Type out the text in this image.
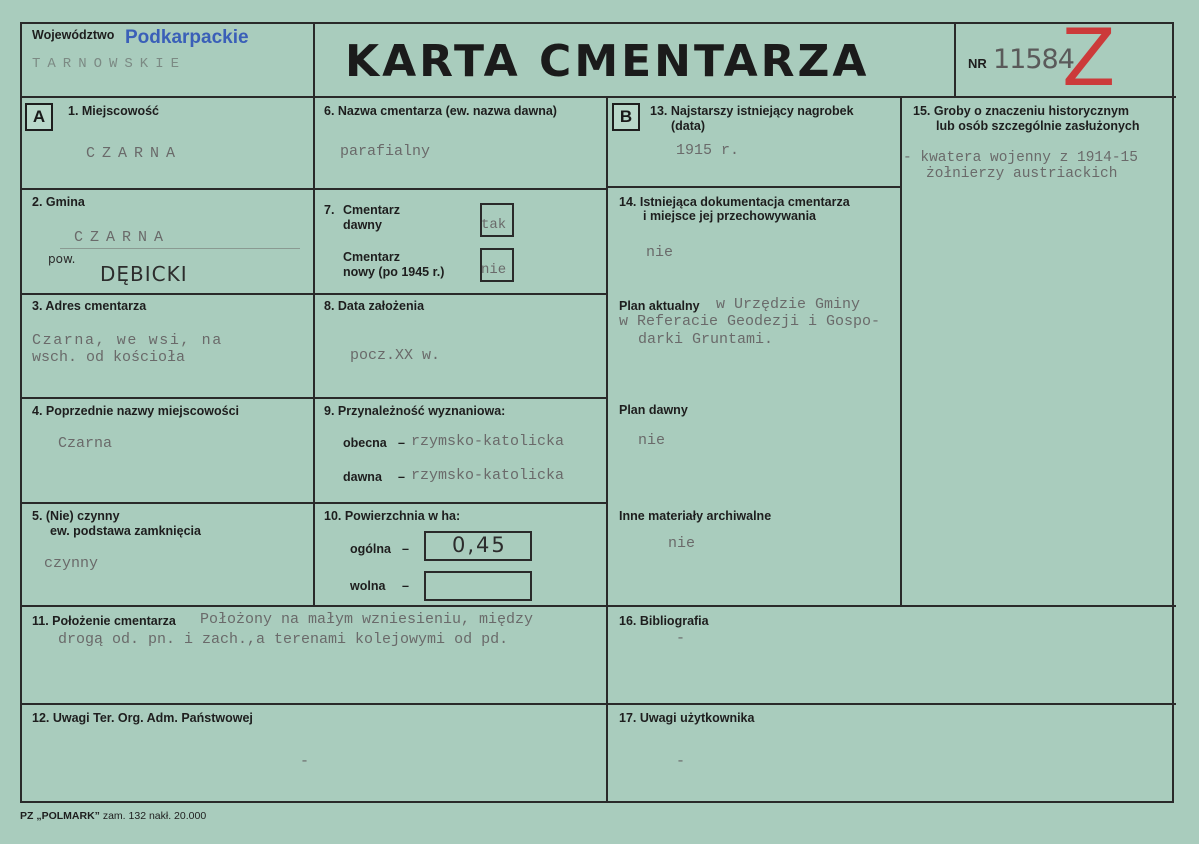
Województwo Podkarpackie
TARNOWSKIE	KARTA CMENTARZA	NR 11584
Z
A	1. Miejscowość
CZARNA
2. Gmina
CZARNA
pow.
DĘBICKI
3. Adres cmentarza
Czarna, we wsi, na
wsch. od kościoła
4. Poprzednie nazwy miejscowości
Czarna
5. (Nie) czynny
ew. podstawa zamknięcia
czynny
6. Nazwa cmentarza (ew. nazwa dawna)
parafialny
7. Cmentarz
dawny	tak
Cmentarz
nowy (po 1945 r.)	nie
8. Data założenia
pocz.XX w.
9. Przynależność wyznaniowa:
obecna – rzymsko-katolicka
dawna – rzymsko-katolicka
10. Powierzchnia w ha:
ogólna – 0,45
wolna –
B	13. Najstarszy istniejący nagrobek
(data)
1915 r.
14. Istniejąca dokumentacja cmentarza
i miejsce jej przechowywania
nie
Plan aktualny w Urzędzie Gminy
w Referacie Geodezji i Gospo-
darki Gruntami.
Plan dawny
nie
Inne materiały archiwalne
nie
15. Groby o znaczeniu historycznym
lub osób szczególnie zasłużonych
- kwatera wojenny z 1914-15
żołnierzy austriackich
11. Położenie cmentarza Położony na małym wzniesieniu, między
drogą od. pn. i zach.,a terenami kolejowymi od pd.
16. Bibliografia
-
12. Uwagi Ter. Org. Adm. Państwowej
-
17. Uwagi użytkownika
-
PZ „POLMARK” zam. 132 nakł. 20.000
